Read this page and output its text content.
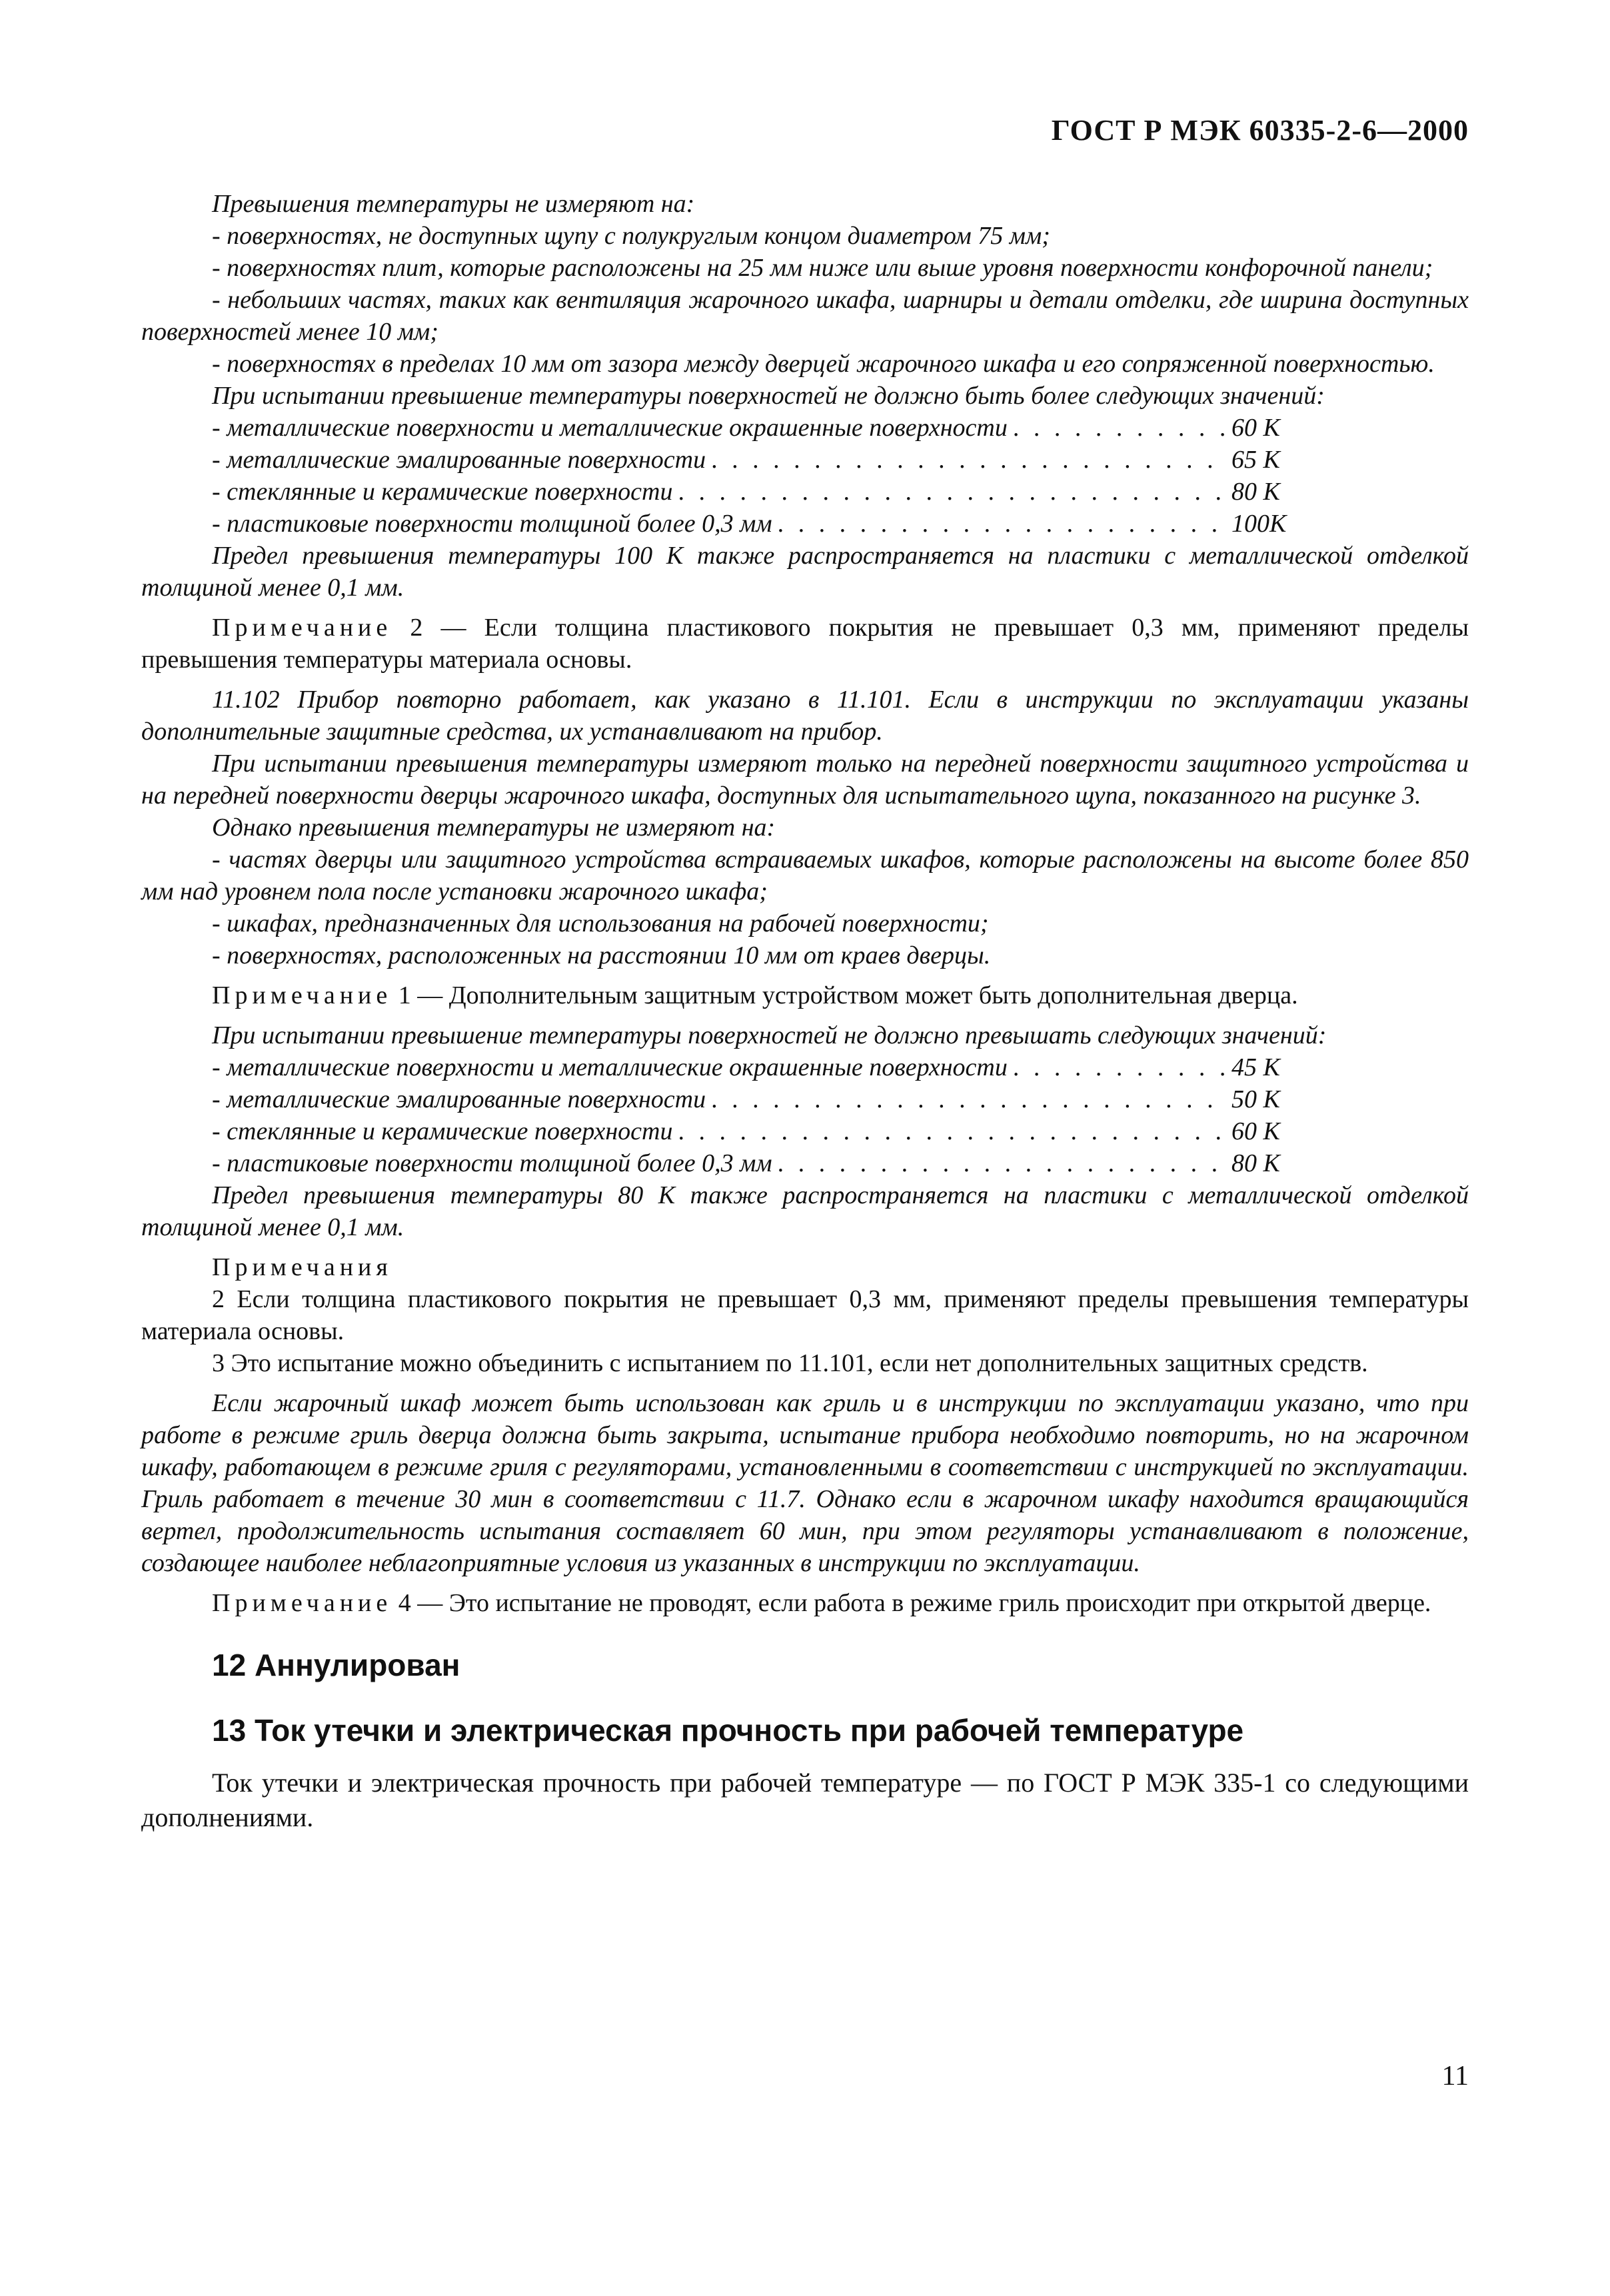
ГОСТ Р МЭК 60335-2-6—2000

Превышения температуры не измеряют на:

- поверхностях, не доступных щупу с полукруглым концом диаметром 75 мм;

- поверхностях плит, которые расположены на 25 мм ниже или выше уровня поверхности конфорочной панели;

- небольших частях, таких как вентиляция жарочного шкафа, шарниры и детали отделки, где ширина доступных поверхностей менее 10 мм;

- поверхностях в пределах 10 мм от зазора между дверцей жарочного шкафа и его сопряженной поверхностью.

При испытании превышение температуры поверхностей не должно быть более следующих значений:

- металлические поверхности и металлические окрашенные поверхности . . .	60 К
- металлические эмалированные поверхности . . .	65 К
- стеклянные и керамические поверхности . . .	80 К
- пластиковые поверхности толщиной более 0,3 мм . . .	100К

Предел превышения температуры 100 К также распространяется на пластики с металлической отделкой толщиной менее 0,1 мм.

Примечание 2 — Если толщина пластикового покрытия не превышает 0,3 мм, применяют пределы превышения температуры материала основы.

11.102 Прибор повторно работает, как указано в 11.101. Если в инструкции по эксплуатации указаны дополнительные защитные средства, их устанавливают на прибор.

При испытании превышения температуры измеряют только на передней поверхности защитного устройства и на передней поверхности дверцы жарочного шкафа, доступных для испытательного щупа, показанного на рисунке 3.

Однако превышения температуры не измеряют на:

- частях дверцы или защитного устройства встраиваемых шкафов, которые расположены на высоте более 850 мм над уровнем пола после установки жарочного шкафа;

- шкафах, предназначенных для использования на рабочей поверхности;

- поверхностях, расположенных на расстоянии 10 мм от краев дверцы.

Примечание 1 — Дополнительным защитным устройством может быть дополнительная дверца.

При испытании превышение температуры поверхностей не должно превышать следующих значений:

- металлические поверхности и металлические окрашенные поверхности . . .	45 К
- металлические эмалированные поверхности . . .	50 К
- стеклянные и керамические поверхности . . .	60 К
- пластиковые поверхности толщиной более 0,3 мм . . .	80 К

Предел превышения температуры 80 К также распространяется на пластики с металлической отделкой толщиной менее 0,1 мм.

Примечания

2 Если толщина пластикового покрытия не превышает 0,3 мм, применяют пределы превышения температуры материала основы.

3 Это испытание можно объединить с испытанием по 11.101, если нет дополнительных защитных средств.

Если жарочный шкаф может быть использован как гриль и в инструкции по эксплуатации указано, что при работе в режиме гриль дверца должна быть закрыта, испытание прибора необходимо повторить, но на жарочном шкафу, работающем в режиме гриля с регуляторами, установленными в соответствии с инструкцией по эксплуатации. Гриль работает в течение 30 мин в соответствии с 11.7. Однако если в жарочном шкафу находится вращающийся вертел, продолжительность испытания составляет 60 мин, при этом регуляторы устанавливают в положение, создающее наиболее неблагоприятные условия из указанных в инструкции по эксплуатации.

Примечание 4 — Это испытание не проводят, если работа в режиме гриль происходит при открытой дверце.

12 Аннулирован
13 Ток утечки и электрическая прочность при рабочей температуре

Ток утечки и электрическая прочность при рабочей температуре — по ГОСТ Р МЭК 335-1 со следующими дополнениями.

11
